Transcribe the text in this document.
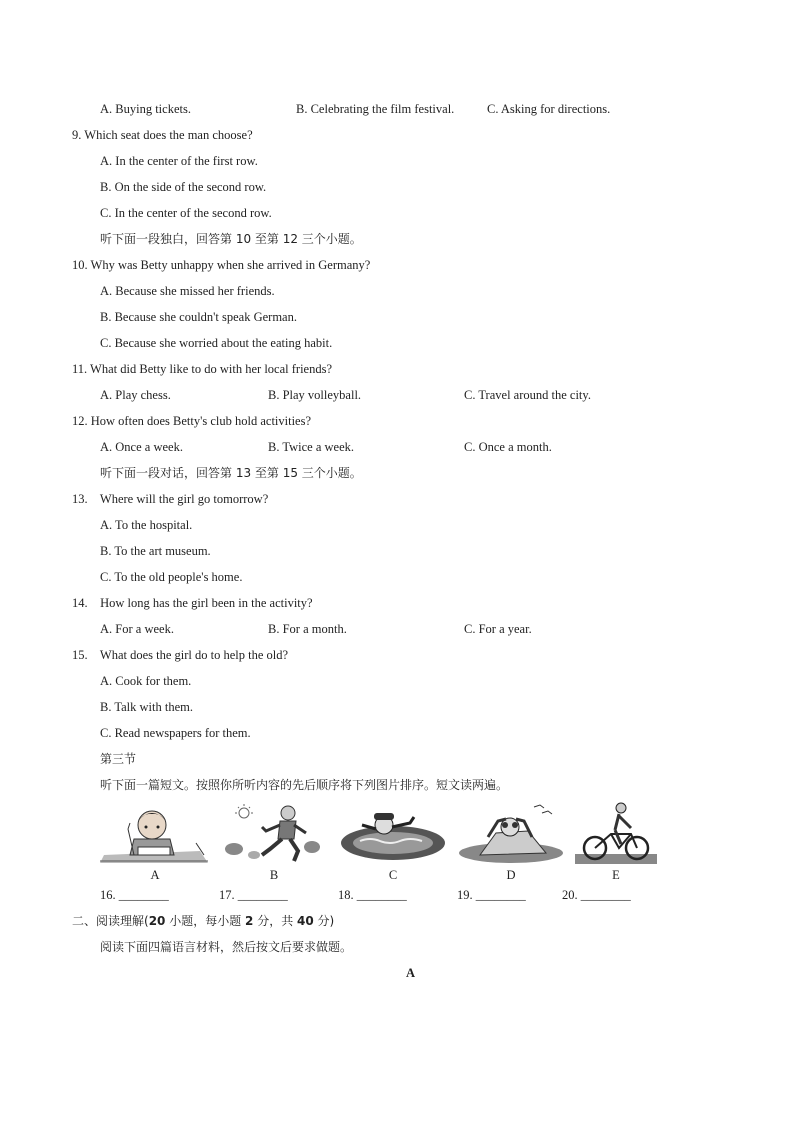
A. Buying tickets.	B. Celebrating the film festival.	C. Asking for directions.
9. Which seat does the man choose?
A. In the center of the first row.
B. On the side of the second row.
C. In the center of the second row.
听下面一段独白，回答第 10 至第 12 三个小题。
10. Why was Betty unhappy when she arrived in Germany?
A. Because she missed her friends.
B. Because she couldn't speak German.
C. Because she worried about the eating habit.
11. What did Betty like to do with her local friends?
A. Play chess.	B. Play volleyball.	C. Travel around the city.
12. How often does Betty's club hold activities?
A. Once a week.	B. Twice a week.	C. Once a month.
听下面一段对话，回答第 13 至第 15 三个小题。
13.    Where will the girl go tomorrow?
A. To the hospital.
B. To the art museum.
C. To the old people's home.
14.    How long has the girl been in the activity?
A. For a week.	B. For a month.	C. For a year.
15.    What does the girl do to help the old?
A. Cook for them.
B. Talk with them.
C. Read newspapers for them.
第三节
听下面一篇短文。按照你所听内容的先后顺序将下列图片排序。短文读两遍。
A	B	C	D	E
16. ________	17. ________	18. ________	19. ________	20. ________
二、阅读理解(20 小题，每小题 2 分，共 40 分)
阅读下面四篇语言材料，然后按文后要求做题。
A
